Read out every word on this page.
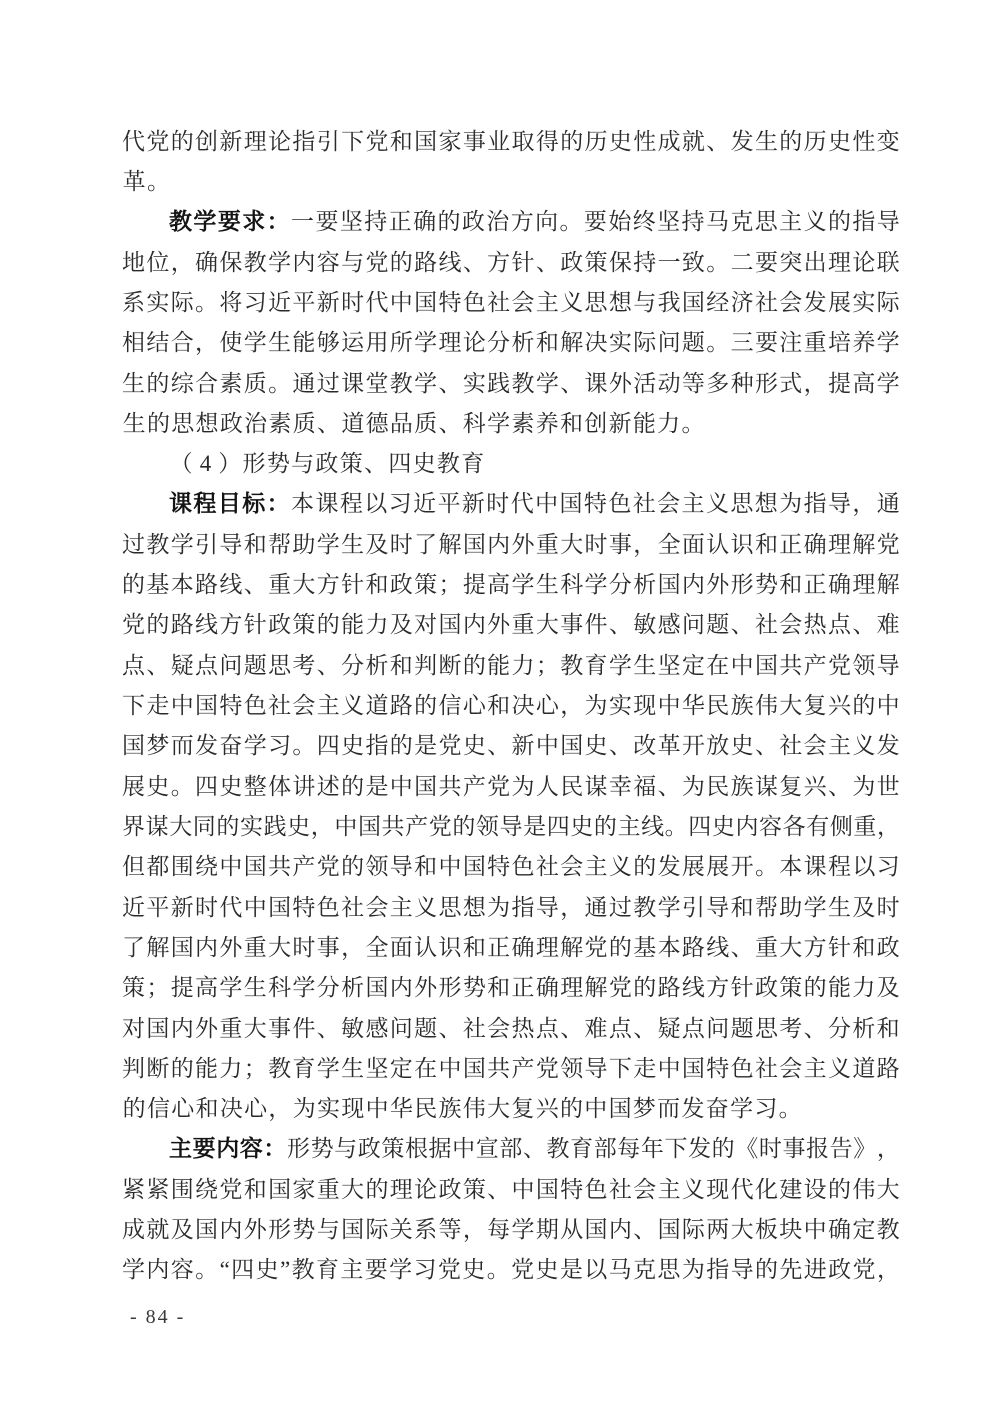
代 党 的 创 新 理 论 指 引 下 党 和 国 家 事 业 取 得 的 历 史 性 成 就 、 发 生 的 历 史 性 变
革 。
教 学 要 求 ： 一 要 坚 持 正 确 的 政 治 方 向 。 要 始 终 坚 持 马 克 思 主 义 的 指 导
地 位 ， 确 保 教 学 内 容 与 党 的 路 线 、 方 针 、 政 策 保 持 一 致 。 二 要 突 出 理 论 联
系 实 际 。 将 习 近 平 新 时 代 中 国 特 色 社 会 主 义 思 想 与 我 国 经 济 社 会 发 展 实 际
相 结 合 ， 使 学 生 能 够 运 用 所 学 理 论 分 析 和 解 决 实 际 问 题 。 三 要 注 重 培 养 学
生 的 综 合 素 质 。 通 过 课 堂 教 学 、 实 践 教 学 、 课 外 活 动 等 多 种 形 式 ， 提 高 学
生 的 思 想 政 治 素 质 、 道 德 品 质 、 科 学 素 养 和 创 新 能 力 。
（ 4 ） 形 势 与 政 策 、 四 史 教 育
课 程 目 标 ： 本 课 程 以 习 近 平 新 时 代 中 国 特 色 社 会 主 义 思 想 为 指 导 ， 通
过 教 学 引 导 和 帮 助 学 生 及 时 了 解 国 内 外 重 大 时 事 ， 全 面 认 识 和 正 确 理 解 党
的 基 本 路 线 、 重 大 方 针 和 政 策 ； 提 高 学 生 科 学 分 析 国 内 外 形 势 和 正 确 理 解
党 的 路 线 方 针 政 策 的 能 力 及 对 国 内 外 重 大 事 件 、 敏 感 问 题 、 社 会 热 点 、 难
点 、 疑 点 问 题 思 考 、 分 析 和 判 断 的 能 力 ； 教 育 学 生 坚 定 在 中 国 共 产 党 领 导
下 走 中 国 特 色 社 会 主 义 道 路 的 信 心 和 决 心 ， 为 实 现 中 华 民 族 伟 大 复 兴 的 中
国 梦 而 发 奋 学 习 。 四 史 指 的 是 党 史 、 新 中 国 史 、 改 革 开 放 史 、 社 会 主 义 发
展 史 。 四 史 整 体 讲 述 的 是 中 国 共 产 党 为 人 民 谋 幸 福 、 为 民 族 谋 复 兴 、 为 世
界 谋 大 同 的 实 践 史 ， 中 国 共 产 党 的 领 导 是 四 史 的 主 线 。 四 史 内 容 各 有 侧 重 ，
但 都 围 绕 中 国 共 产 党 的 领 导 和 中 国 特 色 社 会 主 义 的 发 展 展 开 。 本 课 程 以 习
近 平 新 时 代 中 国 特 色 社 会 主 义 思 想 为 指 导 ， 通 过 教 学 引 导 和 帮 助 学 生 及 时
了 解 国 内 外 重 大 时 事 ， 全 面 认 识 和 正 确 理 解 党 的 基 本 路 线 、 重 大 方 针 和 政
策 ； 提 高 学 生 科 学 分 析 国 内 外 形 势 和 正 确 理 解 党 的 路 线 方 针 政 策 的 能 力 及
对 国 内 外 重 大 事 件 、 敏 感 问 题 、 社 会 热 点 、 难 点 、 疑 点 问 题 思 考 、 分 析 和
判 断 的 能 力 ； 教 育 学 生 坚 定 在 中 国 共 产 党 领 导 下 走 中 国 特 色 社 会 主 义 道 路
的 信 心 和 决 心 ， 为 实 现 中 华 民 族 伟 大 复 兴 的 中 国 梦 而 发 奋 学 习 。
主 要 内 容 ： 形 势 与 政 策 根 据 中 宣 部 、 教 育 部 每 年 下 发 的 《 时 事 报 告 》 ，
紧 紧 围 绕 党 和 国 家 重 大 的 理 论 政 策 、 中 国 特 色 社 会 主 义 现 代 化 建 设 的 伟 大
成 就 及 国 内 外 形 势 与 国 际 关 系 等 ， 每 学 期 从 国 内 、 国 际 两 大 板 块 中 确 定 教
学 内 容 。 “ 四 史 ” 教 育 主 要 学 习 党 史 。 党 史 是 以 马 克 思 为 指 导 的 先 进 政 党 ，
- 84 -
